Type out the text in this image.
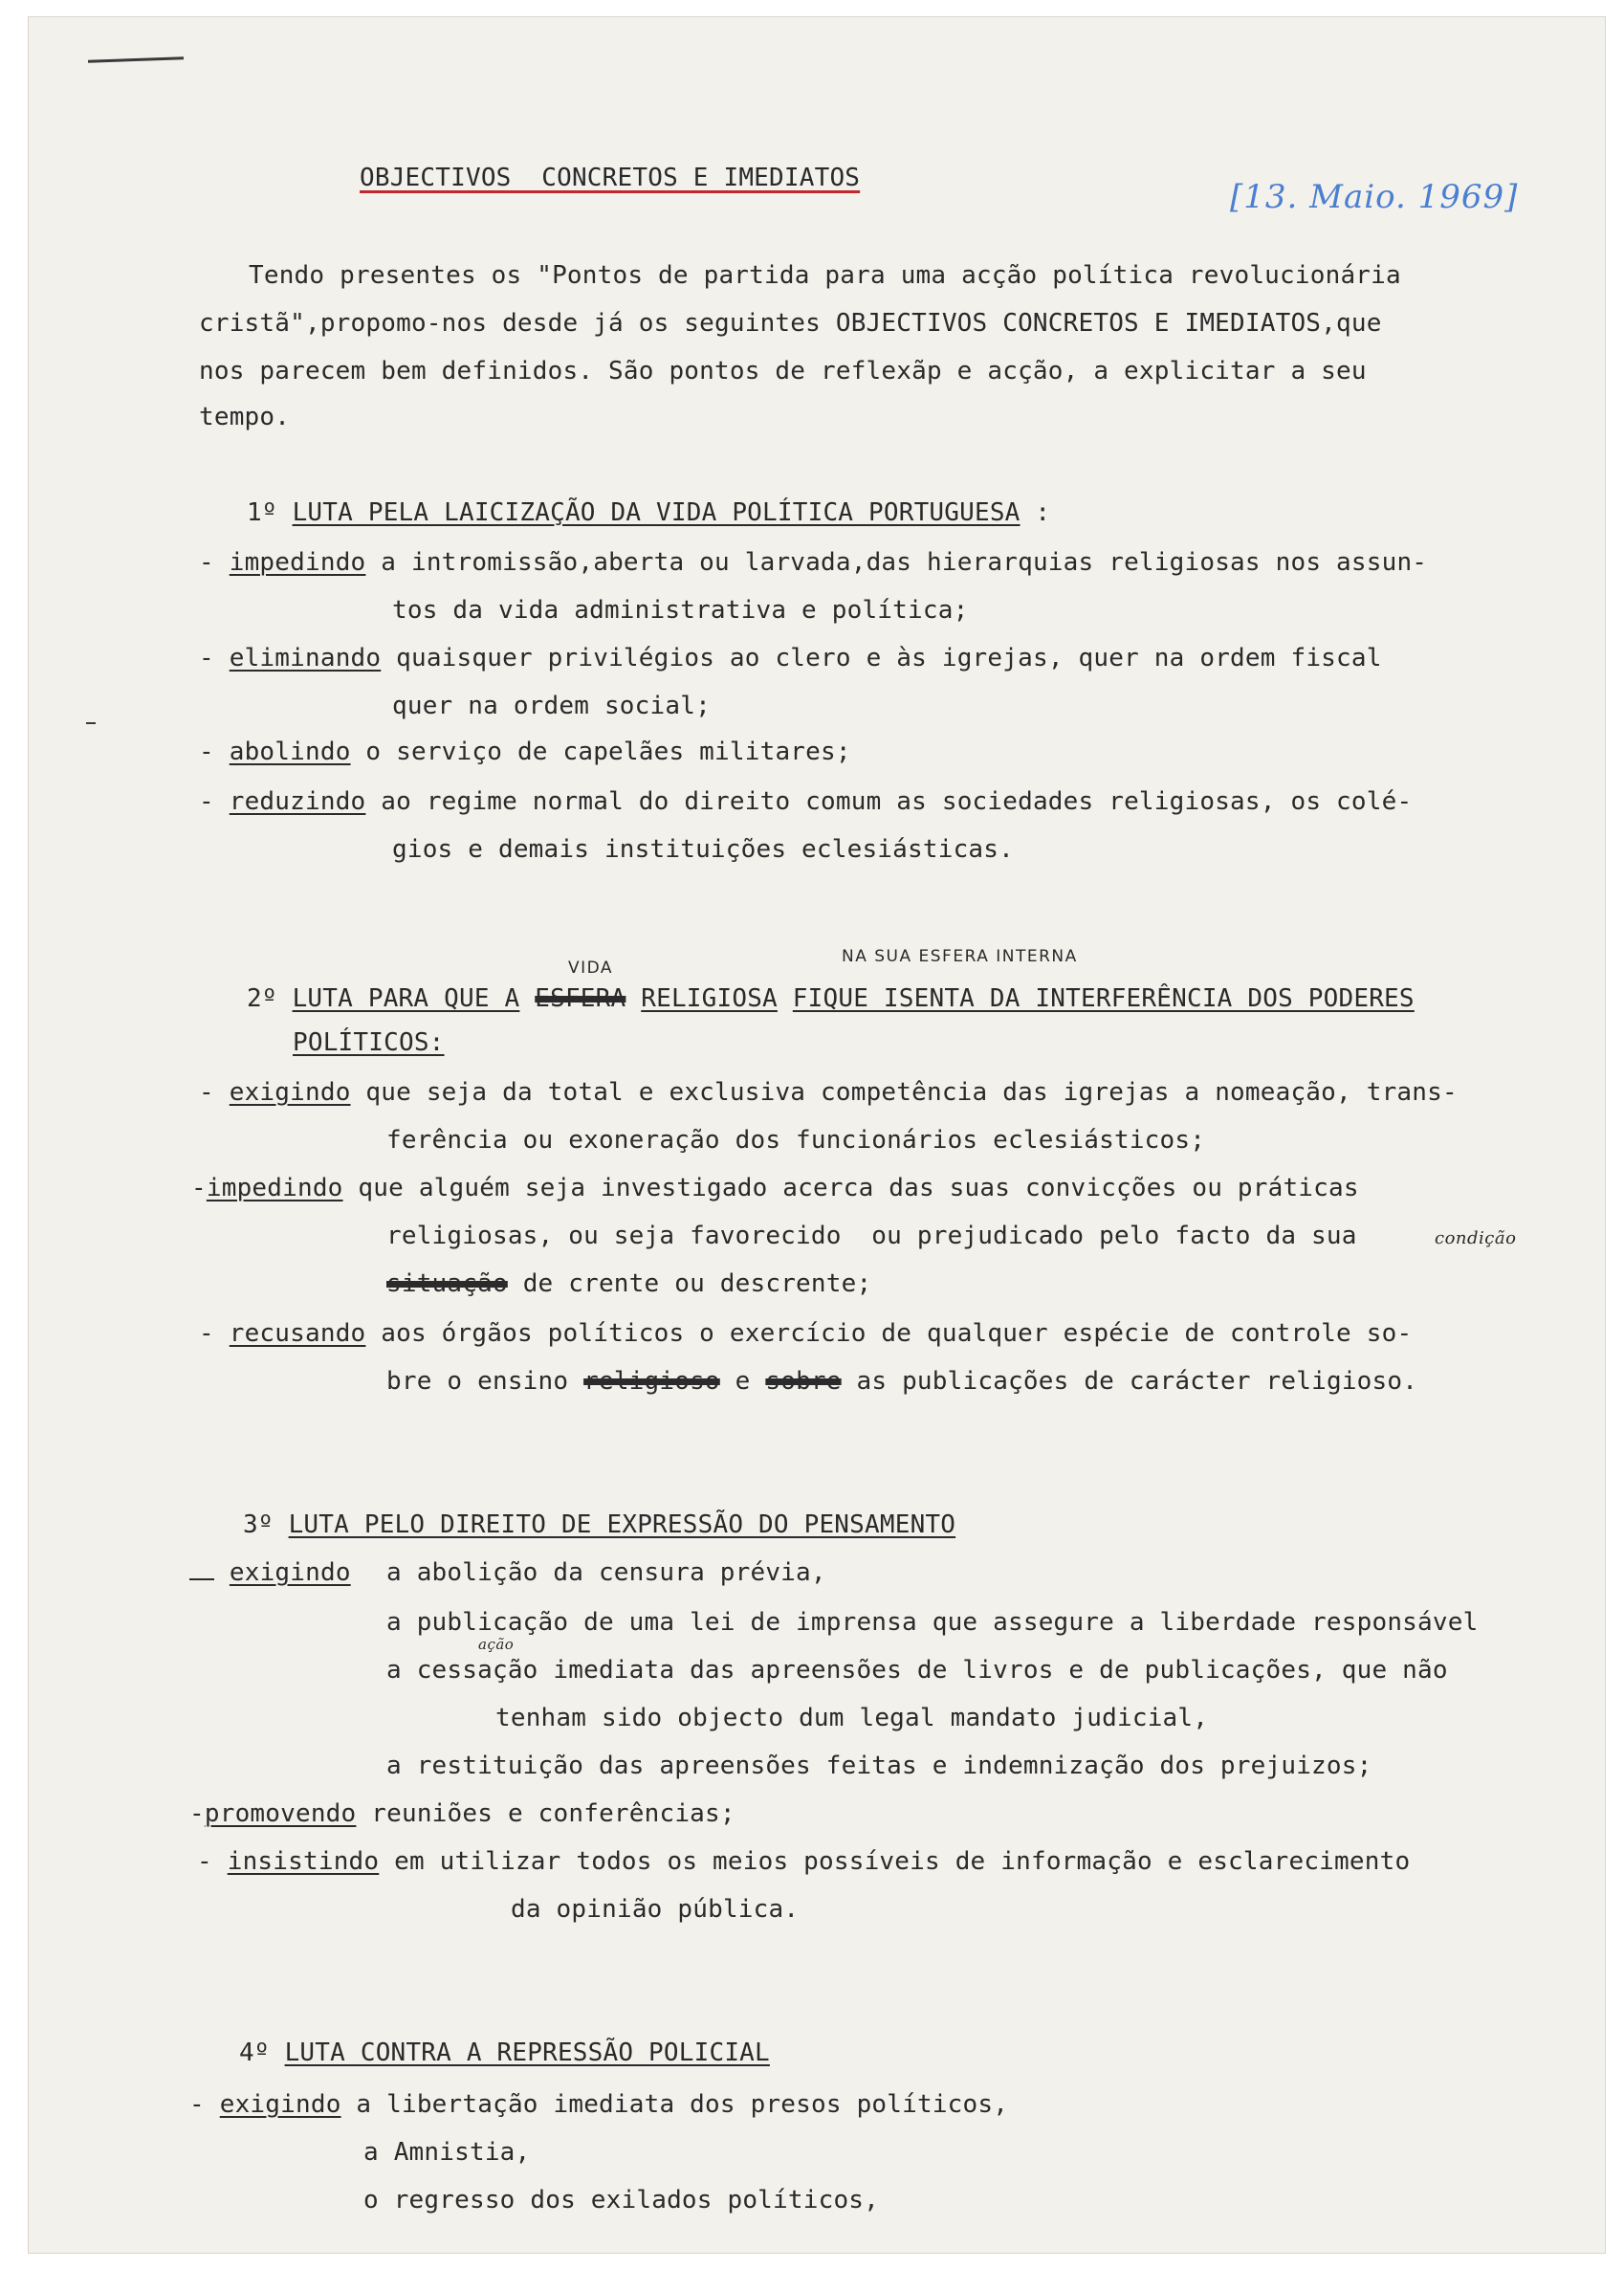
OBJECTIVOS  CONCRETOS E IMEDIATOS	[13. Maio. 1969]
Tendo presentes os "Pontos de partida para uma acção política revolucionária
cristã",propomo-nos desde já os seguintes OBJECTIVOS CONCRETOS E IMEDIATOS,que
nos parecem bem definidos. São pontos de reflexãp e acção, a explicitar a seu
tempo.
1º LUTA PELA LAICIZAÇÃO DA VIDA POLÍTICA PORTUGUESA :
- impedindo a intromissão,aberta ou larvada,das hierarquias religiosas nos assun-
tos da vida administrativa e política;
- eliminando quaisquer privilégios ao clero e às igrejas, quer na ordem fiscal
quer na ordem social;
- abolindo o serviço de capelães militares;
- reduzindo ao regime normal do direito comum as sociedades religiosas, os colé-
gios e demais instituições eclesiásticas.
VIDA
NA SUA ESFERA INTERNA
2º LUTA PARA QUE A ESFERA RELIGIOSA FIQUE ISENTA DA INTERFERÊNCIA DOS PODERES
POLÍTICOS:
- exigindo que seja da total e exclusiva competência das igrejas a nomeação, trans-
ferência ou exoneração dos funcionários eclesiásticos;
-impedindo que alguém seja investigado acerca das suas convicções ou práticas
religiosas, ou seja favorecido  ou prejudicado pelo facto da sua	condição
situação de crente ou descrente;
- recusando aos órgãos políticos o exercício de qualquer espécie de controle so-
bre o ensino religioso e sobre as publicações de carácter religioso.
3º LUTA PELO DIREITO DE EXPRESSÃO DO PENSAMENTO
exigindo a abolição da censura prévia,
a publicação de uma lei de imprensa que assegure a liberdade responsável
ação
a cessação imediata das apreensões de livros e de publicações, que não
tenham sido objecto dum legal mandato judicial,
a restituição das apreensões feitas e indemnização dos prejuizos;
-promovendo reuniões e conferências;
- insistindo em utilizar todos os meios possíveis de informação e esclarecimento
da opinião pública.
4º LUTA CONTRA A REPRESSÃO POLICIAL
- exigindo a libertação imediata dos presos políticos,
a Amnistia,
o regresso dos exilados políticos,
